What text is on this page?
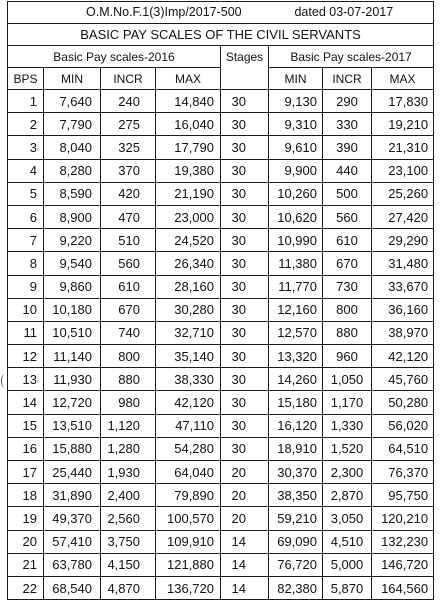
O.M.No.F.1(3)Imp/2017-500 dated 03-07-2017							
BASIC PAY SCALES OF THE CIVIL SERVANTS							
Basic Pay scales-2016				Stages	Basic Pay scales-2017		
BPS	MIN	INCR	MAX		MIN	INCR	MAX
1	7,640	240	14,840	30	9,130	290	17,830
2	7,790	275	16,040	30	9,310	330	19,210
3	8,040	325	17,790	30	9,610	390	21,310
4	8,280	370	19,380	30	9,900	440	23,100
5	8,590	420	21,190	30	10,260	500	25,260
6	8,900	470	23,000	30	10,620	560	27,420
7	9,220	510	24,520	30	10,990	610	29,290
8	9,540	560	26,340	30	11,380	670	31,480
9	9,860	610	28,160	30	11,770	730	33,670
10	10,180	670	30,280	30	12,160	800	36,160
11	10,510	740	32,710	30	12,570	880	38,970
12	11,140	800	35,140	30	13,320	960	42,120
13	11,930	880	38,330	30	14,260	1,050	45,760
14	12,720	980	42,120	30	15,180	1,170	50,280
15	13,510	1,120	47,110	30	16,120	1,330	56,020
16	15,880	1,280	54,280	30	18,910	1,520	64,510
17	25,440	1,930	64,040	20	30,370	2,300	76,370
18	31,890	2,400	79,890	20	38,350	2,870	95,750
19	49,370	2,560	100,570	20	59,210	3,050	120,210
20	57,410	3,750	109,910	14	69,090	4,510	132,230
21	63,780	4,150	121,880	14	76,720	5,000	146,720
22	68,540	4,870	136,720	14	82,380	5,870	164,560
